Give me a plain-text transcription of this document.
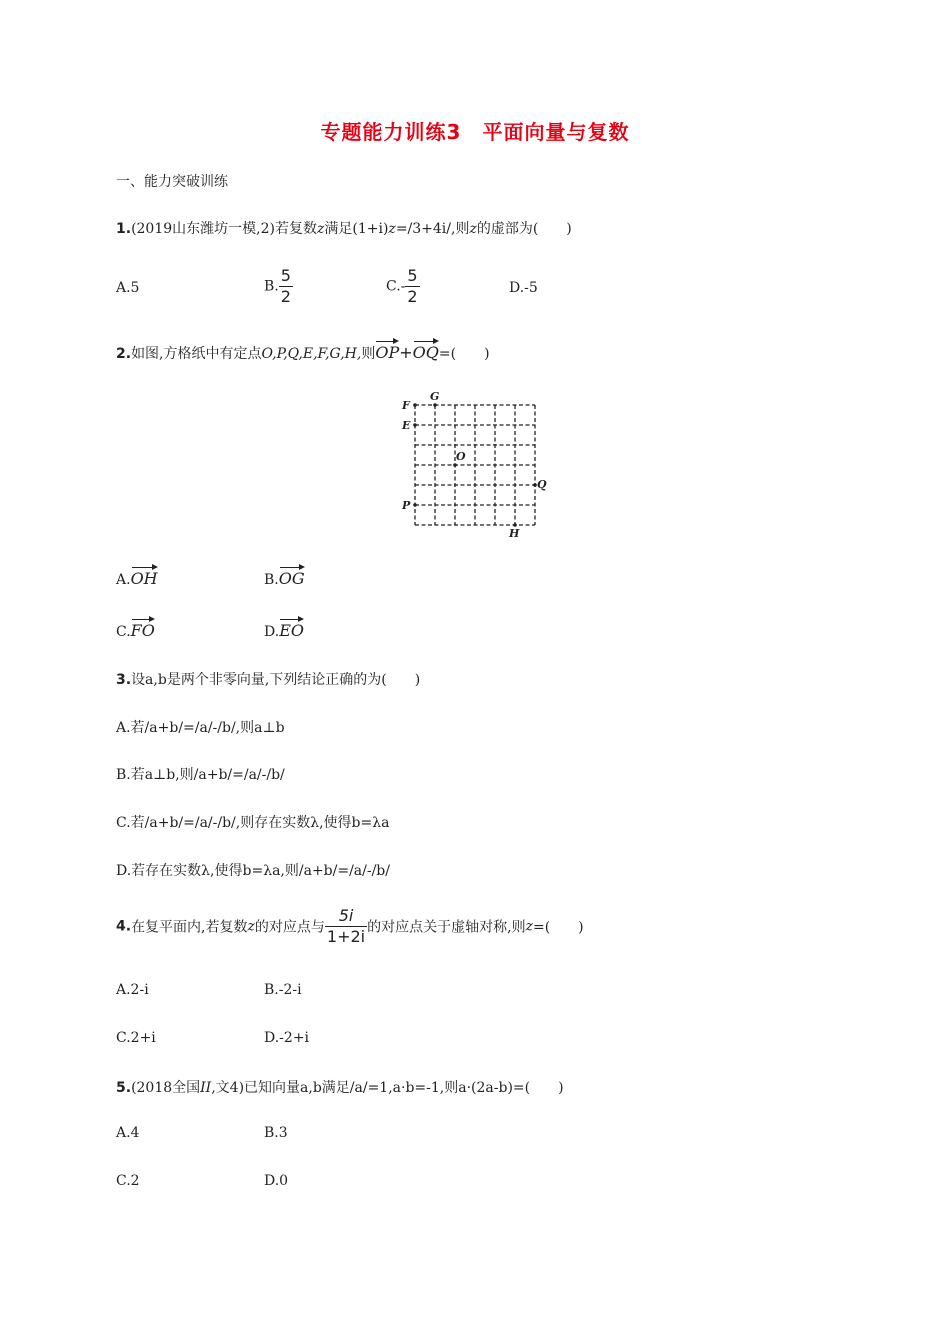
专题能力训练3　平面向量与复数
一、能力突破训练
1.(2019山东潍坊一模,2)若复数z满足(1+i)z=/3+4i/,则z的虚部为(　　)
A.5	B. $\frac{5}{2}$	$C.- \frac{5}{2}$	D.-5
2.如图,方格纸中有定点O,P,Q,E,F,G,H,则OP+OQ=(　　)
F
G
E
O
Q
P
H
A.OH	B.OG
C.FO	D.EO
3.设a,b是两个非零向量,下列结论正确的为(　　)
A.若/a+b/=/a/-/b/,则a⊥b
B.若a⊥b,则/a+b/=/a/-/b/
C.若/a+b/=/a/-/b/,则存在实数λ,使得b=λa
D.若存在实数λ,使得b=λa,则/a+b/=/a/-/b/
4.在复平面内,若复数z的对应点与 $\frac{5i}{1+2i}$ 的对应点关于虚轴对称,则z=(　　)
A.2-i	B.-2-i
C.2+i	D.-2+i
5.(2018全国II,文4)已知向量a,b满足/a/=1,a·b=-1,则a·(2a-b)=(　　)
A.4	B.3
C.2	D.0
